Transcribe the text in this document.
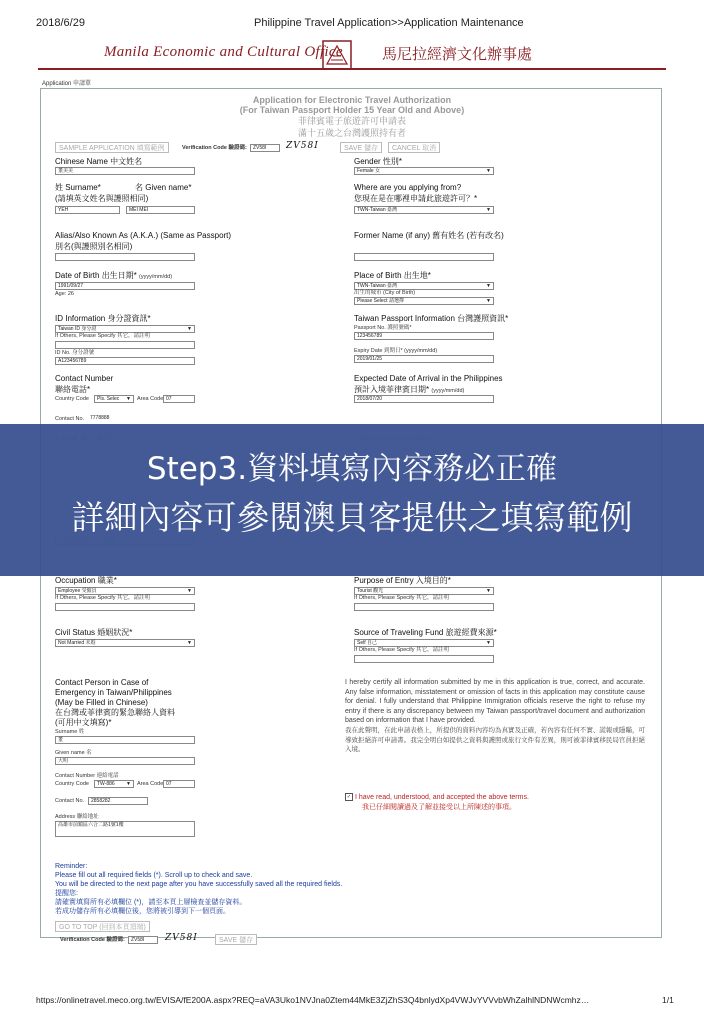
2018/6/29	Philippine Travel Application>>Application Maintenance
Manila Economic and Cultural Office	馬尼拉經濟文化辦事處
Application 申請單
Application for Electronic Travel Authorization
(For Taiwan Passport Holder 15 Year Old and Above)
菲律賓電子旅遊許可申請表
滿十五歲之台灣護照持有者
SAMPLE APPLICATION 填寫範例	Verification Code 驗證碼:	ZV58I	ZV58I	SAVE 儲存	CANCEL 取消
Chinese Name 中文姓名
董美美
Gender 性別*
Female 女 ▼
姓 Surname*	名 Given name*
(請填英文姓名與護照相同)
YEH	MEI MEI
Where are you applying from?
您現在是在哪裡申請此旅遊許可？*
TWN-Taiwan 臺灣 ▼
Alias/Also Known As (A.K.A.) (Same as Passport)
別名(與護照別名相同)
Former Name (if any) 舊有姓名 (若有改名)
Date of Birth 出生日期* (yyyy/mm/dd)
1991/09/27
Age: 26
Place of Birth 出生地*
TWN-Taiwan 臺灣 ▼
出生的城市 (City of Birth)
Please Select 請選擇 ▼
ID Information 身分證資訊*
Taiwan ID 身分證 ▼
If Others, Please Specify 其它，請註明
ID No. 身分證號
A123456789
Taiwan Passport Information 台灣護照資訊*
Passport No. 護照號碼*
123456789
Expiry Date 到期日* (yyyy/mm/dd)
2019/01/25
Contact Number
聯絡電話*
Country Code	Pls. Selec ▼	Area Code 07
Contact No.	7778888
Expected Date of Arrival in the Philippines
預計入境菲律賓日期* (yyyy/mm/dd)
2018/07/20
Step3.資料填寫內容務必正確
詳細內容可參閱澳貝客提供之填寫範例
Occupation 職業*
Employee 受僱員 ▼
If Others, Please Specify 其它，請註明
Purpose of Entry 入境目的*
Tourist 觀光 ▼
If Others, Please Specify 其它，請註明
Civil Status 婚姻狀況*
Not Married 未婚 ▼
Source of Traveling Fund 旅遊經費來源*
Self 自己 ▼
If Others, Please Specify 其它，請註明
Contact Person in Case of
Emergency in Taiwan/Philippines
(May be Filled in Chinese)
在台灣或菲律賓的緊急聯絡人資料
(可用中文填寫)*
Surname 姓
董
Given name 名
大明
Contact Number 連絡電話
Country Code	TW-886 ▼	Area Code 07
Contact No.	2858282
Address 聯絡地址
高雄市前鎮區六合二路1號1樓
I hereby certify all information submitted by me in this application is true, correct, and accurate. Any false information, misstatement or omission of facts in this application may constitute cause for denial. I fully understand that Philippine Immigration officials reserve the right to refuse my entry if there is any discrepancy between my Taiwan passport/travel document and authorization based on information that I have provided.
我在此聲明，在此申請表格上，所提供的資料內容均為真實及正確，若內容有任何不實、謊報或隱瞞，可導致拒絕許可申請書。我完全明白如提供之資料與護照或旅行文件有差異，則可被菲律賓移民局官員拒絕入境。
✓ I have read, understood, and accepted the above terms.
我已仔細閱讀過及了解並接受以上所陳述的事項。
Reminder:
Please fill out all required fields (*). Scroll up to check and save.
You will be directed to the next page after you have successfully saved all the required fields.
提醒您:
請確實填寫所有必填欄位 (*)，請至本頁上層檢查並儲存資料。
若成功儲存所有必填欄位後，您將被引導到下一個頁面。
GO TO TOP (回到本頁頂端)
Verification Code 驗證碼:	ZV58I	ZV58I	SAVE 儲存
https://onlinetravel.meco.org.tw/EVISA/fE200A.aspx?REQ=aVA3Uko1NVJna0Ztem44MkE3ZjZhS3Q4bnlydXp4VWJvYVVvbWhZalhlNDNWcmhz…	1/1
